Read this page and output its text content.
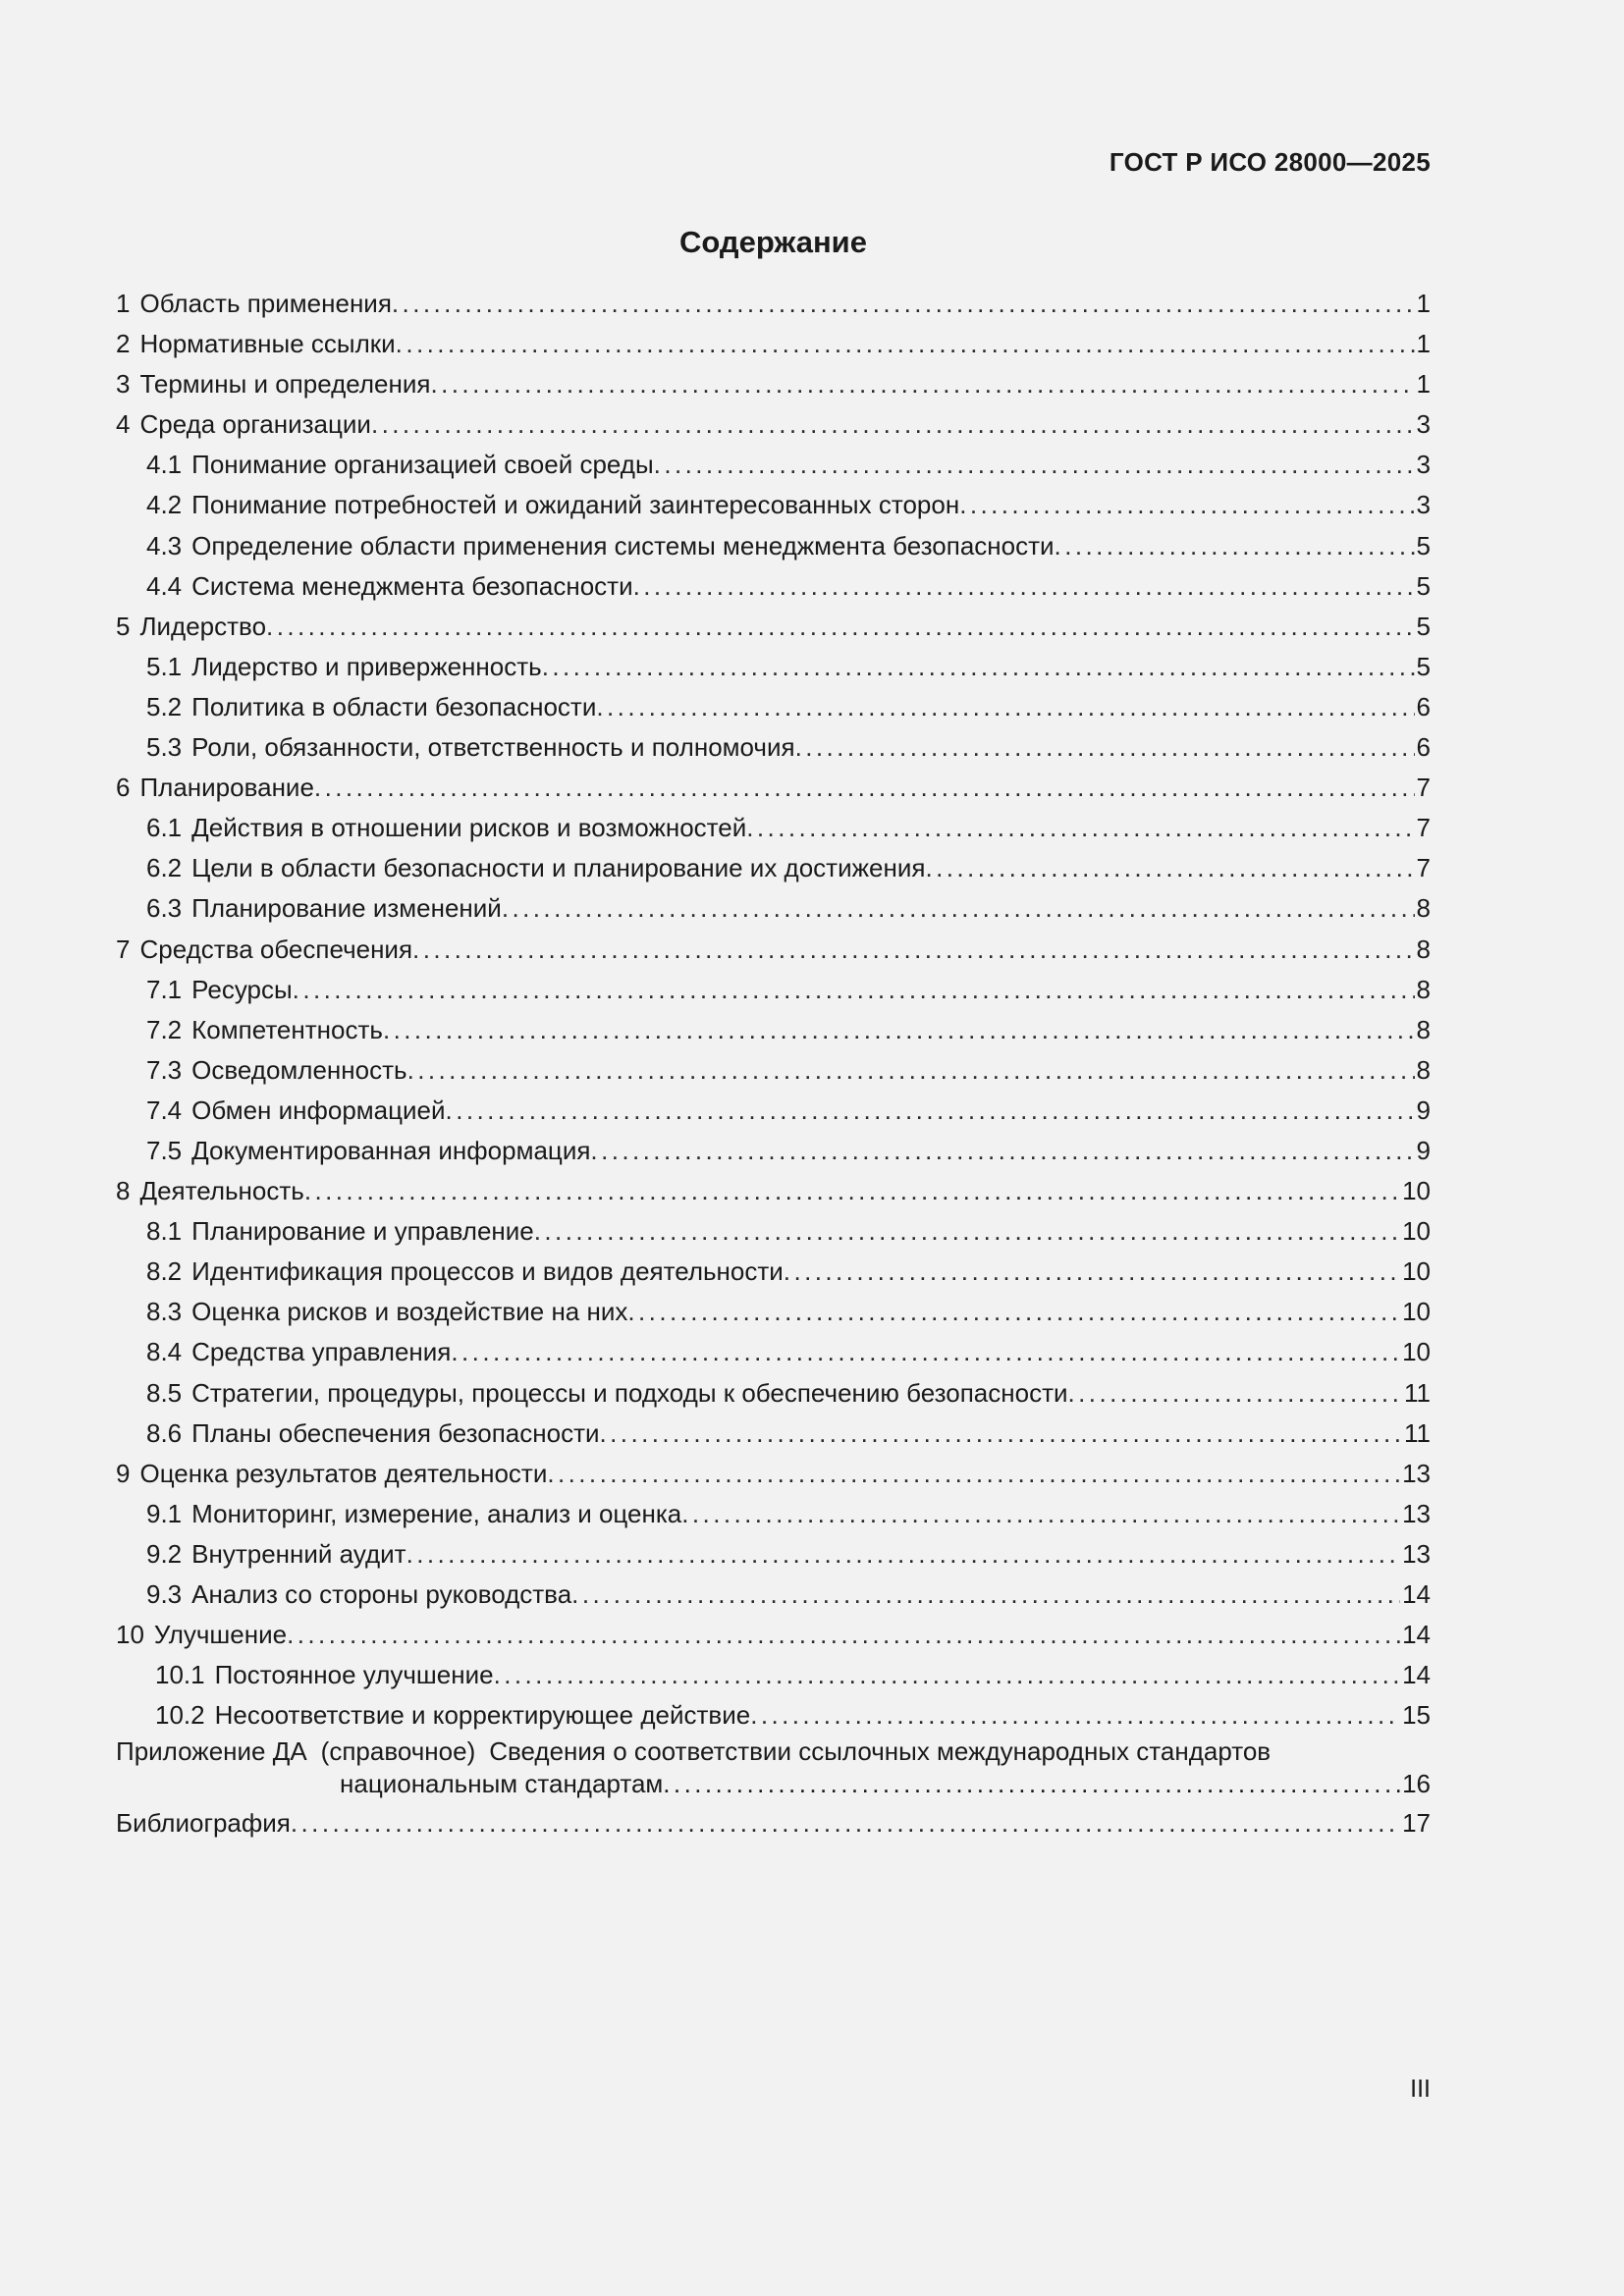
ГОСТ Р ИСО 28000—2025
Содержание
1 Область применения . . .	1
2 Нормативные ссылки . . .	1
3 Термины и определения . . .	1
4 Среда организации . . .	3
4.1 Понимание организацией своей среды . . .	3
4.2 Понимание потребностей и ожиданий заинтересованных сторон . . .	3
4.3 Определение области применения системы менеджмента безопасности . . .	5
4.4 Система менеджмента безопасности . . .	5
5 Лидерство . . .	5
5.1 Лидерство и приверженность . . .	5
5.2 Политика в области безопасности . . .	6
5.3 Роли, обязанности, ответственность и полномочия . . .	6
6 Планирование . . .	7
6.1 Действия в отношении рисков и возможностей . . .	7
6.2 Цели в области безопасности и планирование их достижения . . .	7
6.3 Планирование изменений . . .	8
7 Средства обеспечения . . .	8
7.1 Ресурсы . . .	8
7.2 Компетентность . . .	8
7.3 Осведомленность . . .	8
7.4 Обмен информацией . . .	9
7.5 Документированная информация . . .	9
8 Деятельность . . .	10
8.1 Планирование и управление . . .	10
8.2 Идентификация процессов и видов деятельности . . .	10
8.3 Оценка рисков и воздействие на них . . .	10
8.4 Средства управления . . .	10
8.5 Стратегии, процедуры, процессы и подходы к обеспечению безопасности . . .	11
8.6 Планы обеспечения безопасности . . .	11
9 Оценка результатов деятельности . . .	13
9.1 Мониторинг, измерение, анализ и оценка . . .	13
9.2 Внутренний аудит . . .	13
9.3 Анализ со стороны руководства . . .	14
10 Улучшение . . .	14
10.1 Постоянное улучшение . . .	14
10.2 Несоответствие и корректирующее действие . . .	15
Приложение ДА (справочное) Сведения о соответствии ссылочных международных стандартов
национальным стандартам . . .	16
Библиография . . .	17
III
